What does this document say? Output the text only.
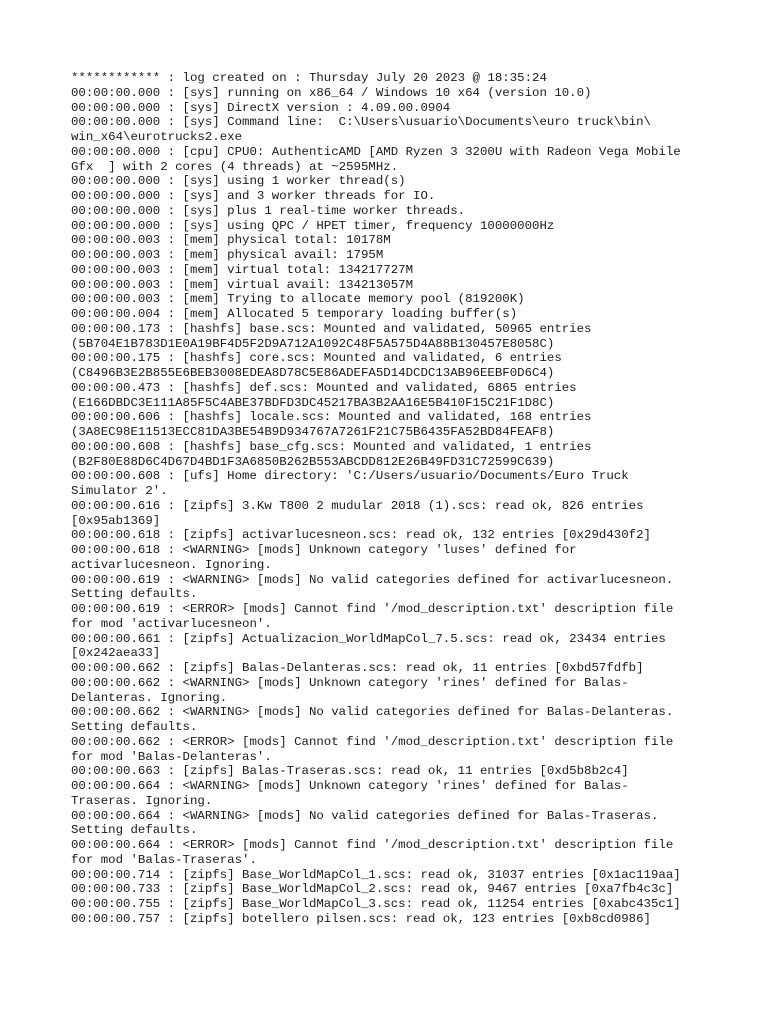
************ : log created on : Thursday July 20 2023 @ 18:35:24
00:00:00.000 : [sys] running on x86_64 / Windows 10 x64 (version 10.0)
00:00:00.000 : [sys] DirectX version : 4.09.00.0904
00:00:00.000 : [sys] Command line:  C:\Users\usuario\Documents\euro truck\bin\
win_x64\eurotrucks2.exe
00:00:00.000 : [cpu] CPU0: AuthenticAMD [AMD Ryzen 3 3200U with Radeon Vega Mobile
Gfx  ] with 2 cores (4 threads) at ~2595MHz.
00:00:00.000 : [sys] using 1 worker thread(s)
00:00:00.000 : [sys] and 3 worker threads for IO.
00:00:00.000 : [sys] plus 1 real-time worker threads.
00:00:00.000 : [sys] using QPC / HPET timer, frequency 10000000Hz
00:00:00.003 : [mem] physical total: 10178M
00:00:00.003 : [mem] physical avail: 1795M
00:00:00.003 : [mem] virtual total: 134217727M
00:00:00.003 : [mem] virtual avail: 134213057M
00:00:00.003 : [mem] Trying to allocate memory pool (819200K)
00:00:00.004 : [mem] Allocated 5 temporary loading buffer(s)
00:00:00.173 : [hashfs] base.scs: Mounted and validated, 50965 entries
(5B704E1B783D1E0A19BF4D5F2D9A712A1092C48F5A575D4A88B130457E8058C)
00:00:00.175 : [hashfs] core.scs: Mounted and validated, 6 entries
(C8496B3E2B855E6BEB3008EDEA8D78C5E86ADEFA5D14DCDC13AB96EEBF0D6C4)
00:00:00.473 : [hashfs] def.scs: Mounted and validated, 6865 entries
(E166DBDC3E111A85F5C4ABE37BDFD3DC45217BA3B2AA16E5B410F15C21F1D8C)
00:00:00.606 : [hashfs] locale.scs: Mounted and validated, 168 entries
(3A8EC98E11513ECC81DA3BE54B9D934767A7261F21C75B6435FA52BD84FEAF8)
00:00:00.608 : [hashfs] base_cfg.scs: Mounted and validated, 1 entries
(B2F80E88D6C4D67D4BD1F3A6850B262B553ABCDD812E26B49FD31C72599C639)
00:00:00.608 : [ufs] Home directory: 'C:/Users/usuario/Documents/Euro Truck
Simulator 2'.
00:00:00.616 : [zipfs] 3.Kw T800 2 mudular 2018 (1).scs: read ok, 826 entries
[0x95ab1369]
00:00:00.618 : [zipfs] activarlucesneon.scs: read ok, 132 entries [0x29d430f2]
00:00:00.618 : <WARNING> [mods] Unknown category 'luses' defined for
activarlucesneon. Ignoring.
00:00:00.619 : <WARNING> [mods] No valid categories defined for activarlucesneon.
Setting defaults.
00:00:00.619 : <ERROR> [mods] Cannot find '/mod_description.txt' description file
for mod 'activarlucesneon'.
00:00:00.661 : [zipfs] Actualizacion_WorldMapCol_7.5.scs: read ok, 23434 entries
[0x242aea33]
00:00:00.662 : [zipfs] Balas-Delanteras.scs: read ok, 11 entries [0xbd57fdfb]
00:00:00.662 : <WARNING> [mods] Unknown category 'rines' defined for Balas-
Delanteras. Ignoring.
00:00:00.662 : <WARNING> [mods] No valid categories defined for Balas-Delanteras.
Setting defaults.
00:00:00.662 : <ERROR> [mods] Cannot find '/mod_description.txt' description file
for mod 'Balas-Delanteras'.
00:00:00.663 : [zipfs] Balas-Traseras.scs: read ok, 11 entries [0xd5b8b2c4]
00:00:00.664 : <WARNING> [mods] Unknown category 'rines' defined for Balas-
Traseras. Ignoring.
00:00:00.664 : <WARNING> [mods] No valid categories defined for Balas-Traseras.
Setting defaults.
00:00:00.664 : <ERROR> [mods] Cannot find '/mod_description.txt' description file
for mod 'Balas-Traseras'.
00:00:00.714 : [zipfs] Base_WorldMapCol_1.scs: read ok, 31037 entries [0x1ac119aa]
00:00:00.733 : [zipfs] Base_WorldMapCol_2.scs: read ok, 9467 entries [0xa7fb4c3c]
00:00:00.755 : [zipfs] Base_WorldMapCol_3.scs: read ok, 11254 entries [0xabc435c1]
00:00:00.757 : [zipfs] botellero pilsen.scs: read ok, 123 entries [0xb8cd0986]
